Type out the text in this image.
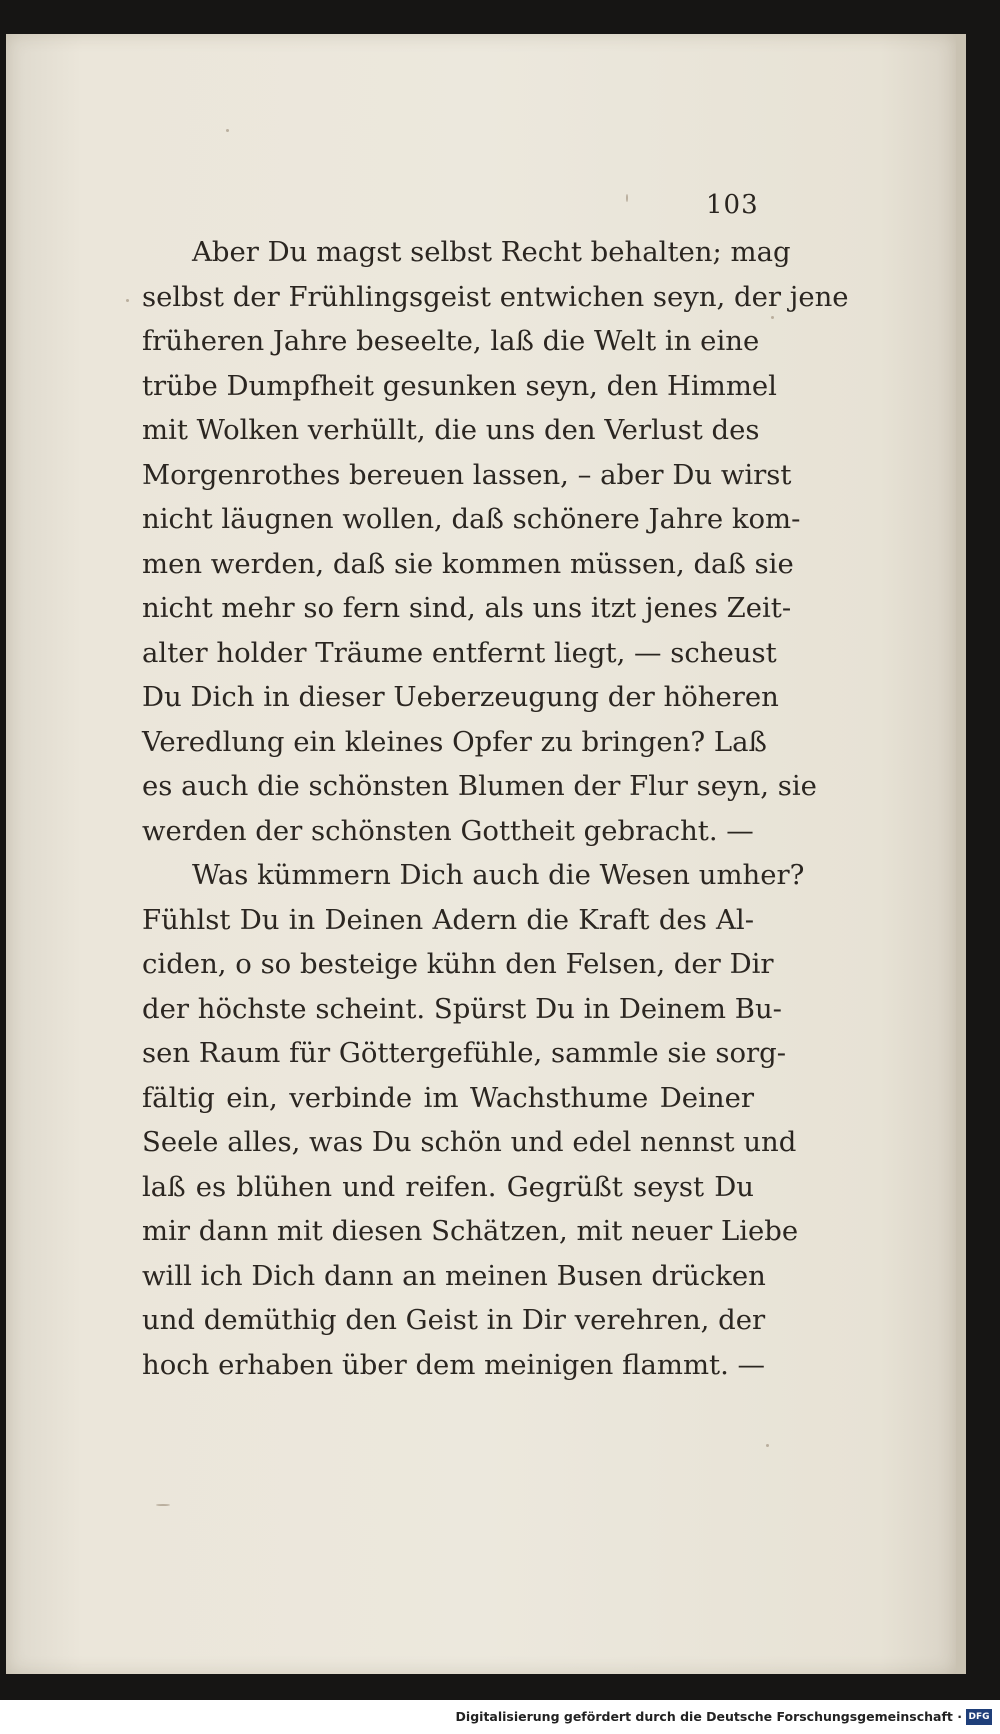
103
Aber Du magst selbst Recht behalten; mag
selbst der Frühlingsgeist entwichen seyn, der jene
früheren Jahre beseelte, laß die Welt in eine
trübe Dumpfheit gesunken seyn, den Himmel
mit Wolken verhüllt, die uns den Verlust des
Morgenrothes bereuen lassen, – aber Du wirst
nicht läugnen wollen, daß schönere Jahre kom-
men werden, daß sie kommen müssen, daß sie
nicht mehr so fern sind, als uns itzt jenes Zeit-
alter holder Träume entfernt liegt, — scheust
Du Dich in dieser Ueberzeugung der höheren
Veredlung ein kleines Opfer zu bringen? Laß
es auch die schönsten Blumen der Flur seyn, sie
werden der schönsten Gottheit gebracht. —
Was kümmern Dich auch die Wesen umher?
Fühlst Du in Deinen Adern die Kraft des Al-
ciden, o so besteige kühn den Felsen, der Dir
der höchste scheint. Spürst Du in Deinem Bu-
sen Raum für Göttergefühle, sammle sie sorg-
fältig ein, verbinde im Wachsthume Deiner
Seele alles, was Du schön und edel nennst und
laß es blühen und reifen. Gegrüßt seyst Du
mir dann mit diesen Schätzen, mit neuer Liebe
will ich Dich dann an meinen Busen drücken
und demüthig den Geist in Dir verehren, der
hoch erhaben über dem meinigen flammt. —
Digitalisierung gefördert durch die Deutsche Forschungsgemeinschaft · DFG
